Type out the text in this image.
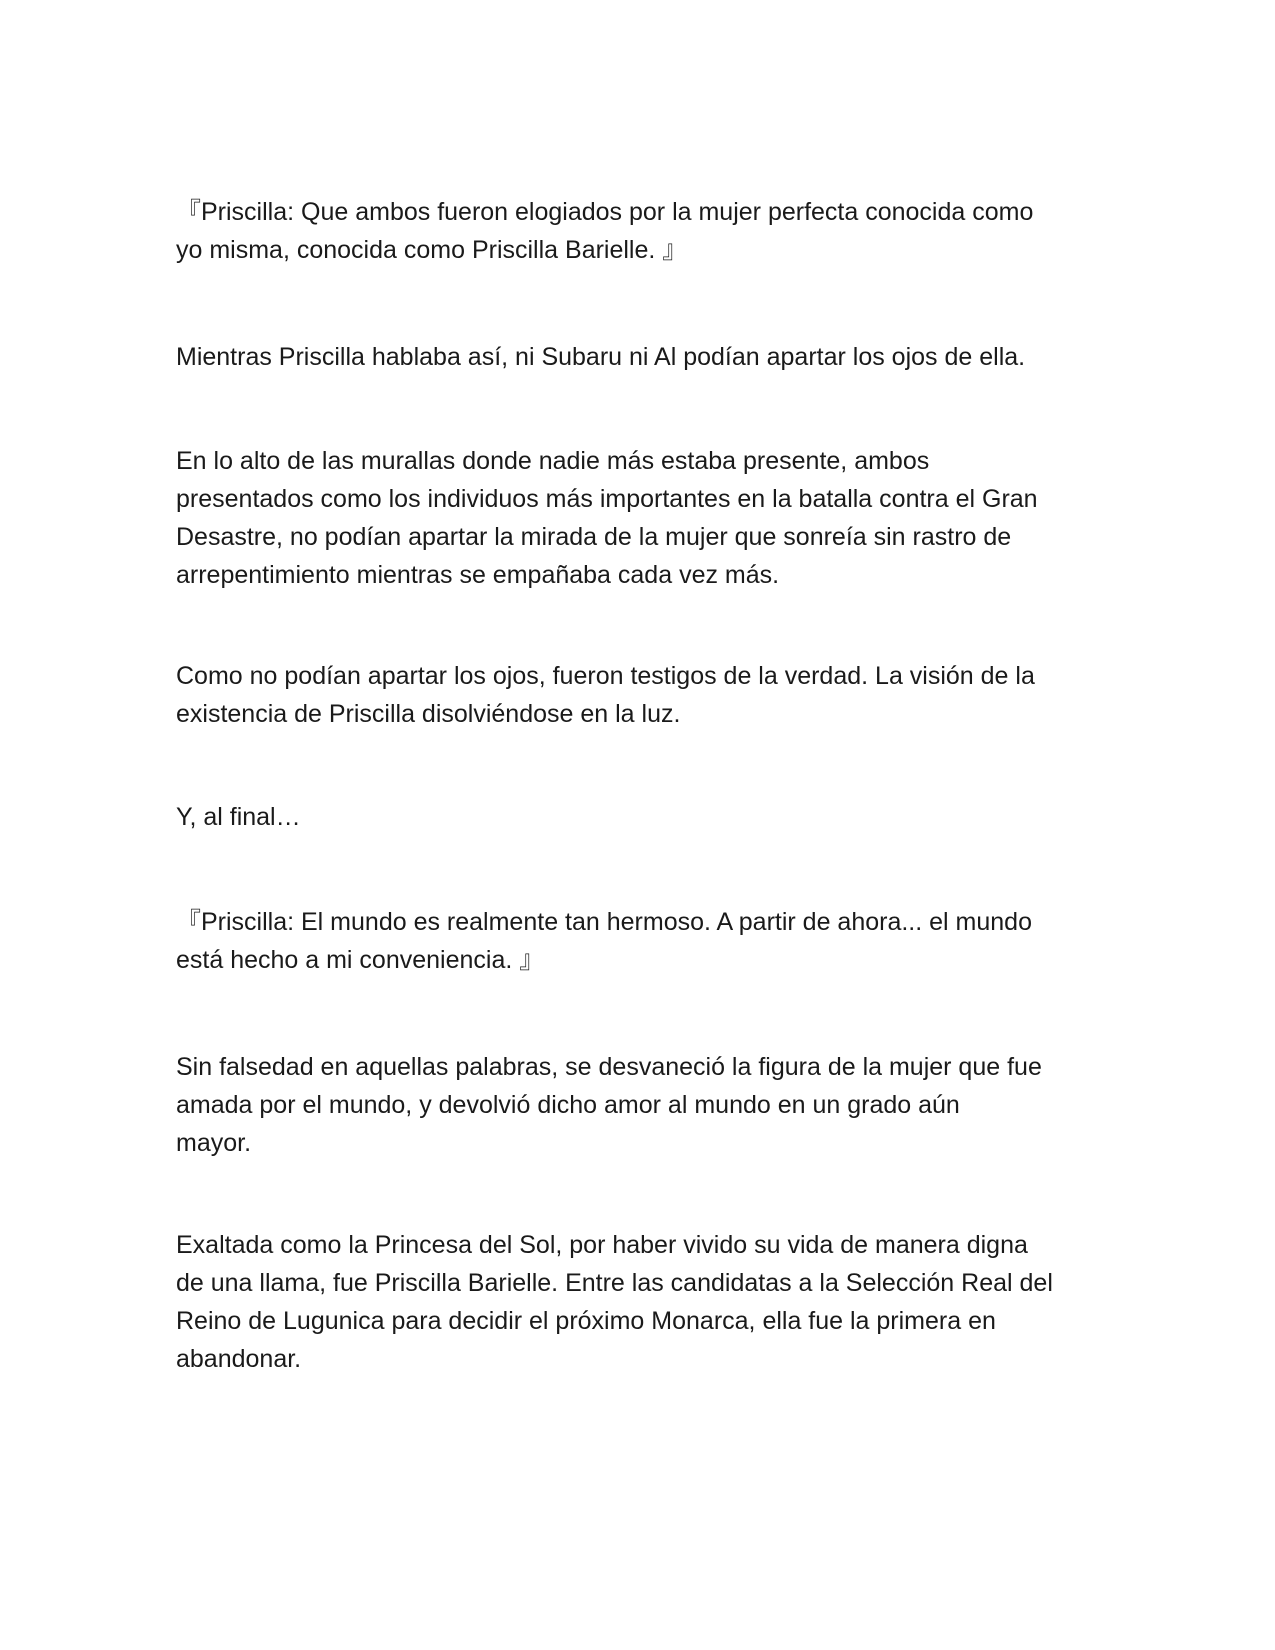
『Priscilla: Que ambos fueron elogiados por la mujer perfecta conocida como
yo misma, conocida como Priscilla Barielle. 』

Mientras Priscilla hablaba así, ni Subaru ni Al podían apartar los ojos de ella.

En lo alto de las murallas donde nadie más estaba presente, ambos
presentados como los individuos más importantes en la batalla contra el Gran
Desastre, no podían apartar la mirada de la mujer que sonreía sin rastro de
arrepentimiento mientras se empañaba cada vez más.

Como no podían apartar los ojos, fueron testigos de la verdad. La visión de la
existencia de Priscilla disolviéndose en la luz.

Y, al final…

『Priscilla: El mundo es realmente tan hermoso. A partir de ahora... el mundo
está hecho a mi conveniencia. 』

Sin falsedad en aquellas palabras, se desvaneció la figura de la mujer que fue
amada por el mundo, y devolvió dicho amor al mundo en un grado aún
mayor.

Exaltada como la Princesa del Sol, por haber vivido su vida de manera digna
de una llama, fue Priscilla Barielle. Entre las candidatas a la Selección Real del
Reino de Lugunica para decidir el próximo Monarca, ella fue la primera en
abandonar.
